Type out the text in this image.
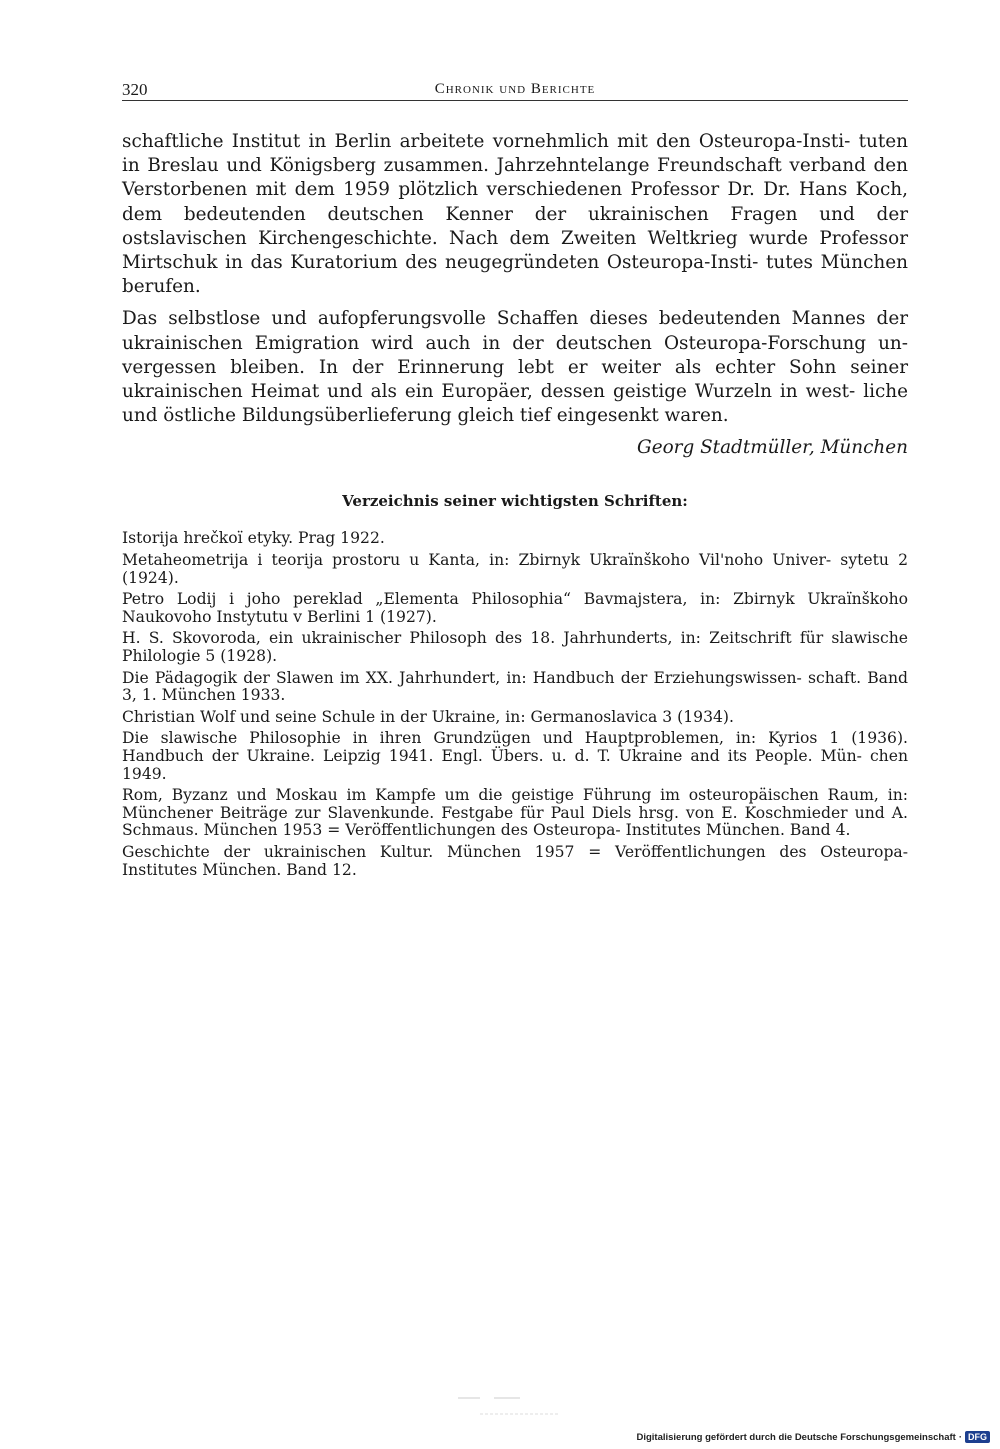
320	Chronik und Berichte

schaftliche Institut in Berlin arbeitete vornehmlich mit den Osteuropa-Insti- tuten in Breslau und Königsberg zusammen. Jahrzehntelange Freundschaft verband den Verstorbenen mit dem 1959 plötzlich verschiedenen Professor Dr. Dr. Hans Koch, dem bedeutenden deutschen Kenner der ukrainischen Fragen und der ostslavischen Kirchengeschichte. Nach dem Zweiten Weltkrieg wurde Professor Mirtschuk in das Kuratorium des neugegründeten Osteuropa-Insti- tutes München berufen.

Das selbstlose und aufopferungsvolle Schaffen dieses bedeutenden Mannes der ukrainischen Emigration wird auch in der deutschen Osteuropa-Forschung un- vergessen bleiben. In der Erinnerung lebt er weiter als echter Sohn seiner ukrainischen Heimat und als ein Europäer, dessen geistige Wurzeln in west- liche und östliche Bildungsüberlieferung gleich tief eingesenkt waren.

Georg Stadtmüller, München
Verzeichnis seiner wichtigsten Schriften:
Istorija hrečkoï etyky. Prag 1922.
Metaheometrija i teorija prostoru u Kanta, in: Zbirnyk Ukraïnškoho Vil'noho Univer- sytetu 2 (1924).
Petro Lodij i joho pereklad „Elementa Philosophia“ Bavmajstera, in: Zbirnyk Ukraïnškoho Naukovoho Instytutu v Berlini 1 (1927).
H. S. Skovoroda, ein ukrainischer Philosoph des 18. Jahrhunderts, in: Zeitschrift für slawische Philologie 5 (1928).
Die Pädagogik der Slawen im XX. Jahrhundert, in: Handbuch der Erziehungswissen- schaft. Band 3, 1. München 1933.
Christian Wolf und seine Schule in der Ukraine, in: Germanoslavica 3 (1934).
Die slawische Philosophie in ihren Grundzügen und Hauptproblemen, in: Kyrios 1 (1936). Handbuch der Ukraine. Leipzig 1941. Engl. Übers. u. d. T. Ukraine and its People. Mün- chen 1949.
Rom, Byzanz und Moskau im Kampfe um die geistige Führung im osteuropäischen Raum, in: Münchener Beiträge zur Slavenkunde. Festgabe für Paul Diels hrsg. von E. Koschmieder und A. Schmaus. München 1953 = Veröffentlichungen des Osteuropa- Institutes München. Band 4.
Geschichte der ukrainischen Kultur. München 1957 = Veröffentlichungen des Osteuropa- Institutes München. Band 12.
Digitalisierung gefördert durch die Deutsche Forschungsgemeinschaft · DFG
